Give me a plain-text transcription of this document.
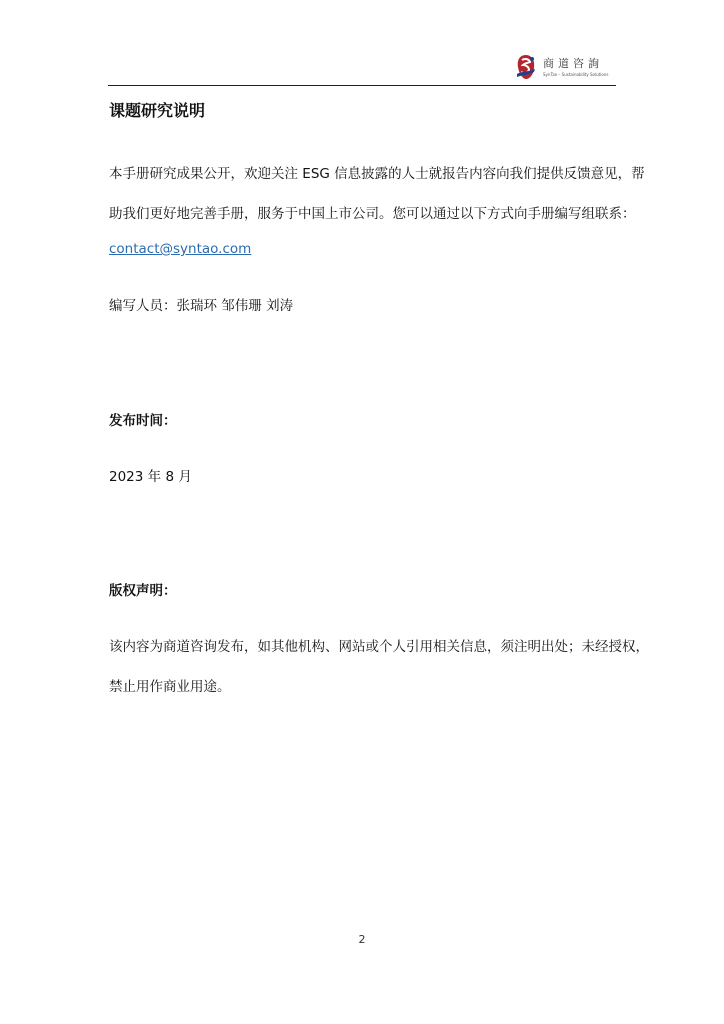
商道咨詢
SynTao – Sustainability Solutions

课题研究说明

本手册研究成果公开，欢迎关注 ESG 信息披露的人士就报告内容向我们提供反馈意见，帮

助我们更好地完善手册，服务于中国上市公司。您可以通过以下方式向手册编写组联系：

contact@syntao.com

编写人员：张瑞环 邹伟珊 刘涛

发布时间：

2023 年 8 月

版权声明：

该内容为商道咨询发布，如其他机构、网站或个人引用相关信息，须注明出处；未经授权，

禁止用作商业用途。

2
